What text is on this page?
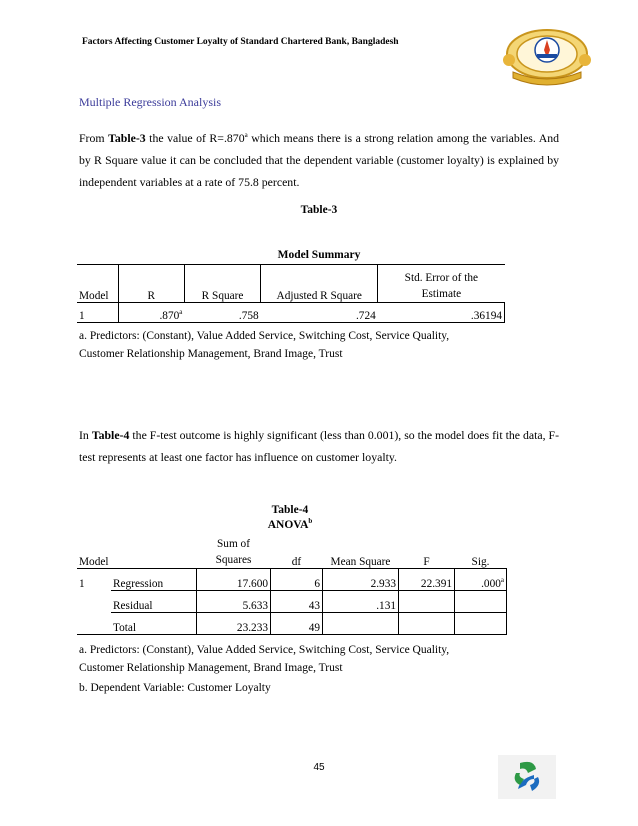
Factors Affecting Customer Loyalty of Standard Chartered Bank, Bangladesh
Multiple Regression Analysis
From Table-3 the value of R=.870$^a$ which means there is a strong relation among the variables. And by R Square value it can be concluded that the dependent variable (customer loyalty) is explained by independent variables at a rate of 75.8 percent.
Table-3
Model Summary
Model	R	R Square	Adjusted R Square	Std. Error of the
Estimate
1	.870$^a$	.758	.724	.36194
a. Predictors: (Constant), Value Added Service, Switching Cost, Service Quality,
Customer Relationship Management, Brand Image, Trust
In Table-4 the F-test outcome is highly significant (less than 0.001), so the model does fit the data, F- test represents at least one factor has influence on customer loyalty.
Table-4
ANOVA$^b$
Model		Sum of
Squares	df	Mean Square	F	Sig.
1	Regression	17.600	6	2.933	22.391	.000$^a$
	Residual	5.633	43	.131		
	Total	23.233	49			
a. Predictors: (Constant), Value Added Service, Switching Cost, Service Quality,
Customer Relationship Management, Brand Image, Trust
b. Dependent Variable: Customer Loyalty
45
